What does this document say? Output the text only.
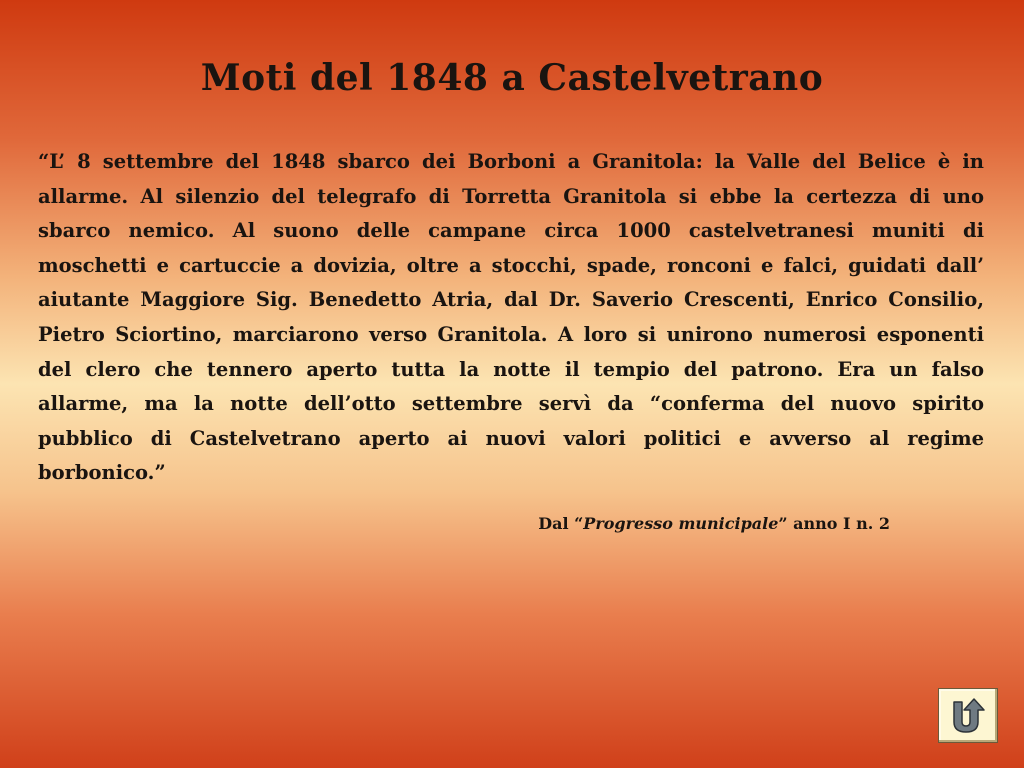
Moti del 1848 a Castelvetrano

“L’ 8 settembre del 1848 sbarco dei Borboni a Granitola: la Valle del Belice è in allarme. Al silenzio del telegrafo di Torretta Granitola si ebbe la certezza di uno sbarco nemico. Al suono delle campane circa 1000 castelvetranesi muniti di moschetti e cartuccie a dovizia, oltre a stocchi, spade, ronconi e falci, guidati dall’ aiutante Maggiore Sig. Benedetto Atria, dal Dr. Saverio Crescenti, Enrico Consilio, Pietro Sciortino, marciarono verso Granitola. A loro si unirono numerosi esponenti del clero che tennero aperto tutta la notte il tempio del patrono. Era un falso allarme, ma la notte dell’otto settembre servì da “conferma del nuovo spirito pubblico di Castelvetrano aperto ai nuovi valori politici e avverso al regime borbonico.”

Dal “Progresso municipale” anno I n. 2
